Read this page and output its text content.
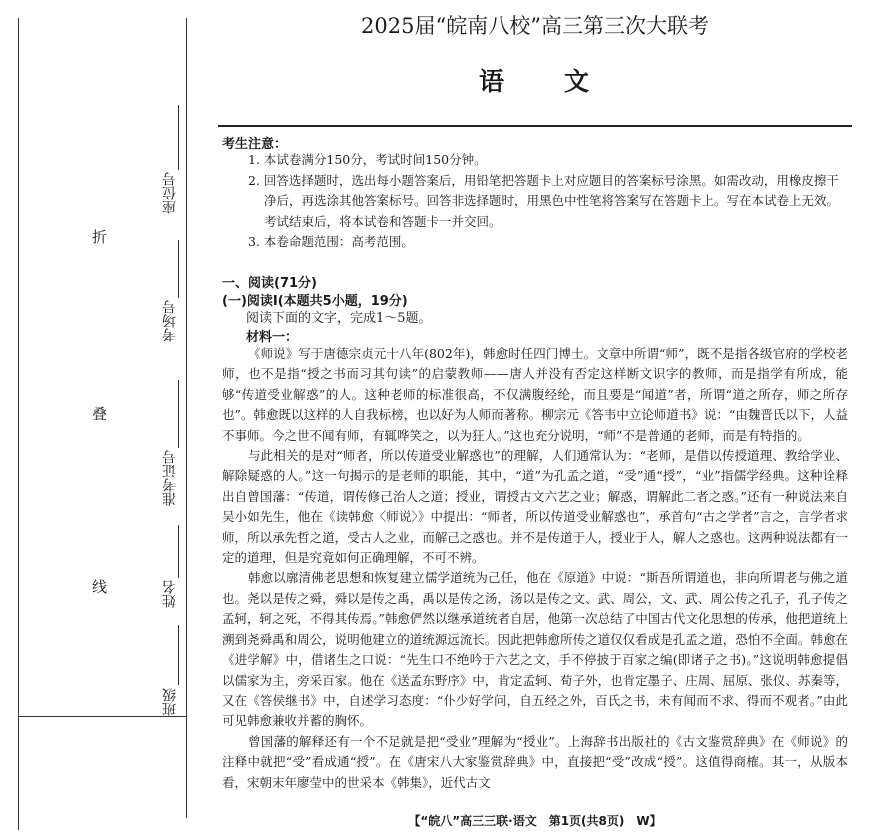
折
叠
线
座位号
考场号
准考证号
姓名
班级
2025届“皖南八校”高三第三次大联考
语 文
考生注意：

1. 本试卷满分150分，考试时间150分钟。

2. 回答选择题时，选出每小题答案后，用铅笔把答题卡上对应题目的答案标号涂黑。如需改动，用橡皮擦干净后，再选涂其他答案标号。回答非选择题时，用黑色中性笔将答案写在答题卡上。写在本试卷上无效。考试结束后，将本试卷和答题卡一并交回。

3. 本卷命题范围：高考范围。

一、阅读(71分)
(一)阅读Ⅰ(本题共5小题，19分)
阅读下面的文字，完成1～5题。
材料一：

《师说》写于唐德宗贞元十八年(802年)，韩愈时任四门博士。文章中所谓“师”，既不是指各级官府的学校老师，也不是指“授之书而习其句读”的启蒙教师——唐人并没有否定这样断文识字的教师，而是指学有所成，能够“传道受业解惑”的人。这种老师的标准很高，不仅满腹经纶，而且要是“闻道”者，所谓“道之所存，师之所存也”。韩愈既以这样的人自我标榜，也以好为人师而著称。柳宗元《答韦中立论师道书》说：“由魏晋氏以下，人益不事师。今之世不闻有师，有辄哗笑之，以为狂人。”这也充分说明，“师”不是普通的老师，而是有特指的。

与此相关的是对“师者，所以传道受业解惑也”的理解，人们通常认为：“老师，是借以传授道理、教给学业、解除疑惑的人。”这一句揭示的是老师的职能，其中，“道”为孔孟之道，“受”通“授”，“业”指儒学经典。这种诠释出自曾国藩：“传道，谓传修己治人之道；授业，谓授古文六艺之业；解惑，谓解此二者之惑。”还有一种说法来自吴小如先生，他在《读韩愈〈师说〉》中提出：“师者，所以传道受业解惑也”，承首句“古之学者”言之，言学者求师，所以承先哲之道，受古人之业，而解己之惑也。并不是传道于人，授业于人，解人之惑也。这两种说法都有一定的道理，但是究竟如何正确理解，不可不辨。

韩愈以廓清佛老思想和恢复建立儒学道统为己任，他在《原道》中说：“斯吾所谓道也，非向所谓老与佛之道也。尧以是传之舜，舜以是传之禹，禹以是传之汤，汤以是传之文、武、周公，文、武、周公传之孔子，孔子传之孟轲，轲之死，不得其传焉。”韩愈俨然以继承道统者自居，他第一次总结了中国古代文化思想的传承，他把道统上溯到尧舜禹和周公，说明他建立的道统源远流长。因此把韩愈所传之道仅仅看成是孔孟之道，恐怕不全面。韩愈在《进学解》中，借诸生之口说：“先生口不绝吟于六艺之文，手不停披于百家之编(即诸子之书)。”这说明韩愈提倡以儒家为主，旁采百家。他在《送孟东野序》中，肯定孟轲、荀子外，也肯定墨子、庄周、屈原、张仪、苏秦等，又在《答侯继书》中，自述学习态度：“仆少好学问，自五经之外，百氏之书，未有闻而不求、得而不观者。”由此可见韩愈兼收并蓄的胸怀。

曾国藩的解释还有一个不足就是把“受业”理解为“授业”。上海辞书出版社的《古文鉴赏辞典》在《师说》的注释中就把“受”看成通“授”。在《唐宋八大家鉴赏辞典》中，直接把“受”改成“授”。这值得商榷。其一，从版本看，宋朝末年廖莹中的世采本《韩集》，近代古文

【“皖八”高三三联·语文　第1页(共8页)　W】
